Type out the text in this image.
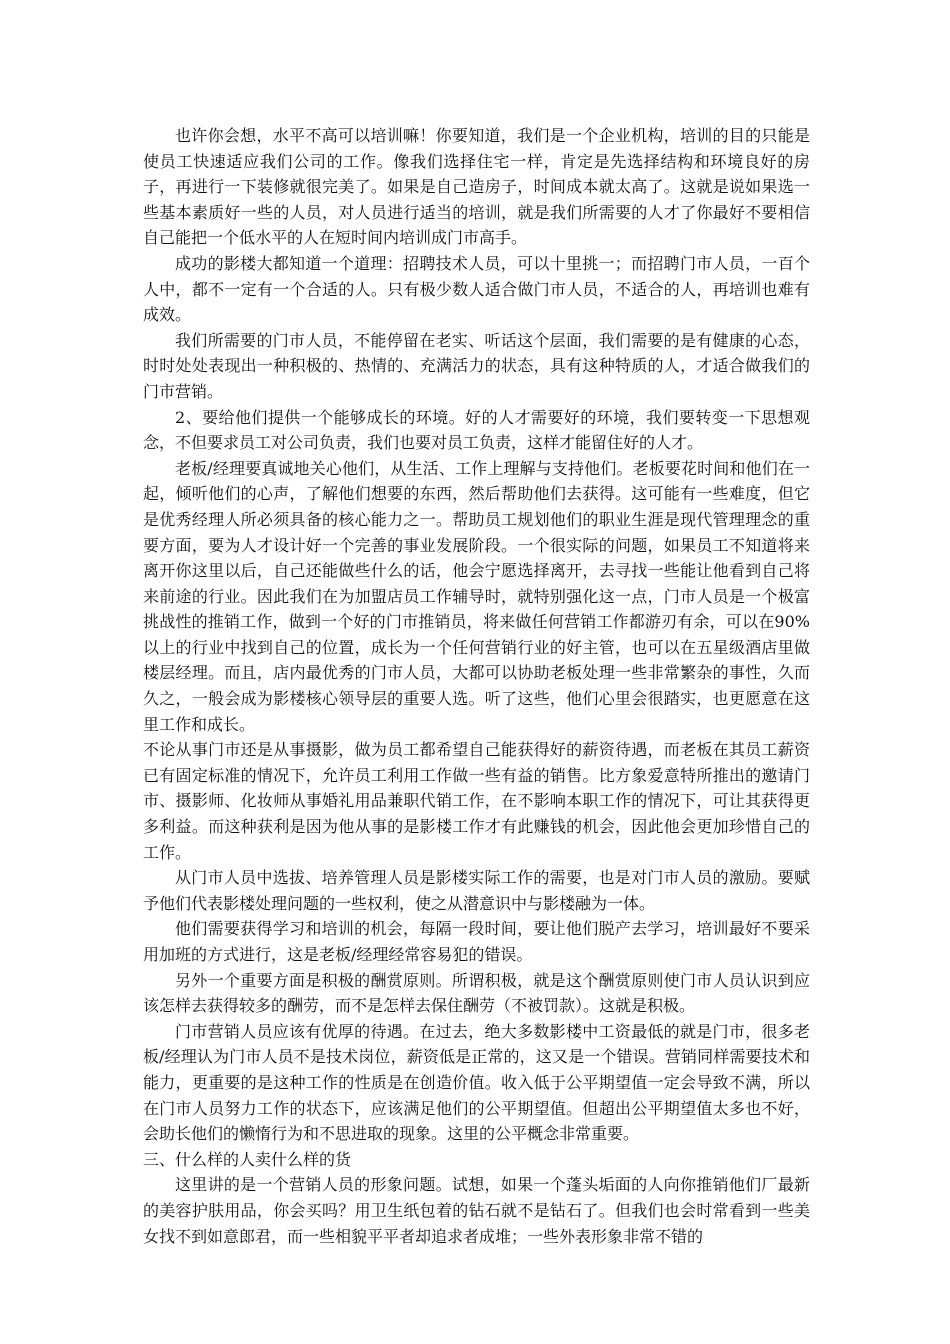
也许你会想，水平不高可以培训嘛！你要知道，我们是一个企业机构，培训的目的只能是使员工快速适应我们公司的工作。像我们选择住宅一样，肯定是先选择结构和环境良好的房子，再进行一下装修就很完美了。如果是自己造房子，时间成本就太高了。这就是说如果选一些基本素质好一些的人员，对人员进行适当的培训，就是我们所需要的人才了你最好不要相信自己能把一个低水平的人在短时间内培训成门市高手。

成功的影楼大都知道一个道理：招聘技术人员，可以十里挑一；而招聘门市人员，一百个人中，都不一定有一个合适的人。只有极少数人适合做门市人员，不适合的人，再培训也难有成效。

我们所需要的门市人员，不能停留在老实、听话这个层面，我们需要的是有健康的心态，时时处处表现出一种积极的、热情的、充满活力的状态，具有这种特质的人，才适合做我们的门市营销。

2、要给他们提供一个能够成长的环境。好的人才需要好的环境，我们要转变一下思想观念，不但要求员工对公司负责，我们也要对员工负责，这样才能留住好的人才。

老板/经理要真诚地关心他们，从生活、工作上理解与支持他们。老板要花时间和他们在一起，倾听他们的心声，了解他们想要的东西，然后帮助他们去获得。这可能有一些难度，但它是优秀经理人所必须具备的核心能力之一。帮助员工规划他们的职业生涯是现代管理理念的重要方面，要为人才设计好一个完善的事业发展阶段。一个很实际的问题，如果员工不知道将来离开你这里以后，自己还能做些什么的话，他会宁愿选择离开，去寻找一些能让他看到自己将来前途的行业。因此我们在为加盟店员工作辅导时，就特别强化这一点，门市人员是一个极富挑战性的推销工作，做到一个好的门市推销员，将来做任何营销工作都游刃有余，可以在90%以上的行业中找到自己的位置，成长为一个任何营销行业的好主管，也可以在五星级酒店里做楼层经理。而且，店内最优秀的门市人员，大都可以协助老板处理一些非常繁杂的事性，久而久之，一般会成为影楼核心领导层的重要人选。听了这些，他们心里会很踏实，也更愿意在这里工作和成长。

不论从事门市还是从事摄影，做为员工都希望自己能获得好的薪资待遇，而老板在其员工薪资已有固定标准的情况下，允许员工利用工作做一些有益的销售。比方象爱意特所推出的邀请门市、摄影师、化妆师从事婚礼用品兼职代销工作，在不影响本职工作的情况下，可让其获得更多利益。而这种获利是因为他从事的是影楼工作才有此赚钱的机会，因此他会更加珍惜自己的工作。

从门市人员中选拔、培养管理人员是影楼实际工作的需要，也是对门市人员的激励。要赋予他们代表影楼处理问题的一些权利，使之从潜意识中与影楼融为一体。

他们需要获得学习和培训的机会，每隔一段时间，要让他们脱产去学习，培训最好不要采用加班的方式进行，这是老板/经理经常容易犯的错误。

另外一个重要方面是积极的酬赏原则。所谓积极，就是这个酬赏原则使门市人员认识到应该怎样去获得较多的酬劳，而不是怎样去保住酬劳（不被罚款）。这就是积极。

门市营销人员应该有优厚的待遇。在过去，绝大多数影楼中工资最低的就是门市，很多老板/经理认为门市人员不是技术岗位，薪资低是正常的，这又是一个错误。营销同样需要技术和能力，更重要的是这种工作的性质是在创造价值。收入低于公平期望值一定会导致不满，所以在门市人员努力工作的状态下，应该满足他们的公平期望值。但超出公平期望值太多也不好，会助长他们的懒惰行为和不思进取的现象。这里的公平概念非常重要。

三、什么样的人卖什么样的货

这里讲的是一个营销人员的形象问题。试想，如果一个蓬头垢面的人向你推销他们厂最新的美容护肤用品，你会买吗？用卫生纸包着的钻石就不是钻石了。但我们也会时常看到一些美女找不到如意郎君，而一些相貌平平者却追求者成堆；一些外表形象非常不错的
